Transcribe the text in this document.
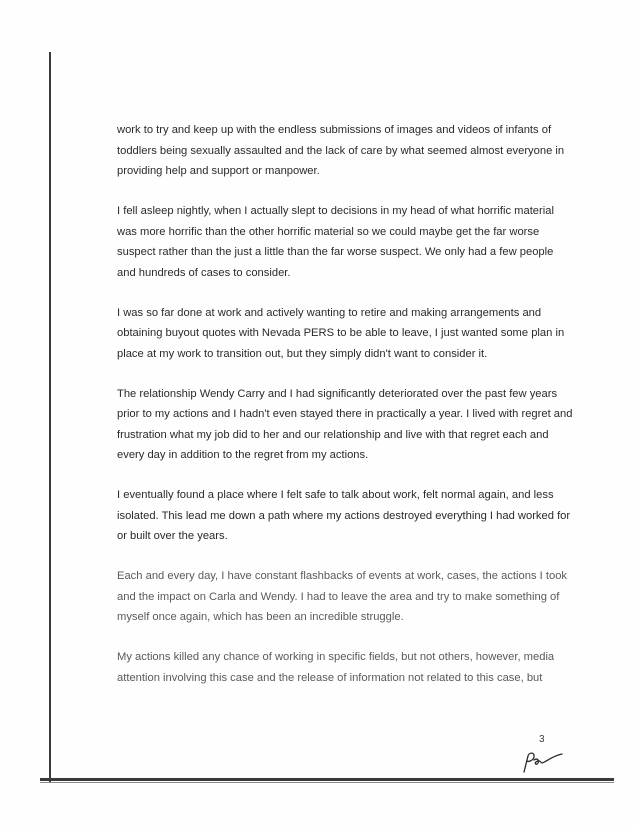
work to try and keep up with the endless submissions of images and videos of infants of
toddlers being sexually assaulted and the lack of care by what seemed almost everyone in
providing help and support or manpower.

I fell asleep nightly, when I actually slept to decisions in my head of what horrific material
was more horrific than the other horrific material so we could maybe get the far worse
suspect rather than the just a little than the far worse suspect. We only had a few people
and hundreds of cases to consider.

I was so far done at work and actively wanting to retire and making arrangements and
obtaining buyout quotes with Nevada PERS to be able to leave, I just wanted some plan in
place at my work to transition out, but they simply didn't want to consider it.

The relationship Wendy Carry and I had significantly deteriorated over the past few years
prior to my actions and I hadn't even stayed there in practically a year. I lived with regret and
frustration what my job did to her and our relationship and live with that regret each and
every day in addition to the regret from my actions.

I eventually found a place where I felt safe to talk about work, felt normal again, and less
isolated. This lead me down a path where my actions destroyed everything I had worked for
or built over the years.

Each and every day, I have constant flashbacks of events at work, cases, the actions I took
and the impact on Carla and Wendy. I had to leave the area and try to make something of
myself once again, which has been an incredible struggle.

My actions killed any chance of working in specific fields, but not others, however, media
attention involving this case and the release of information not related to this case, but

3
